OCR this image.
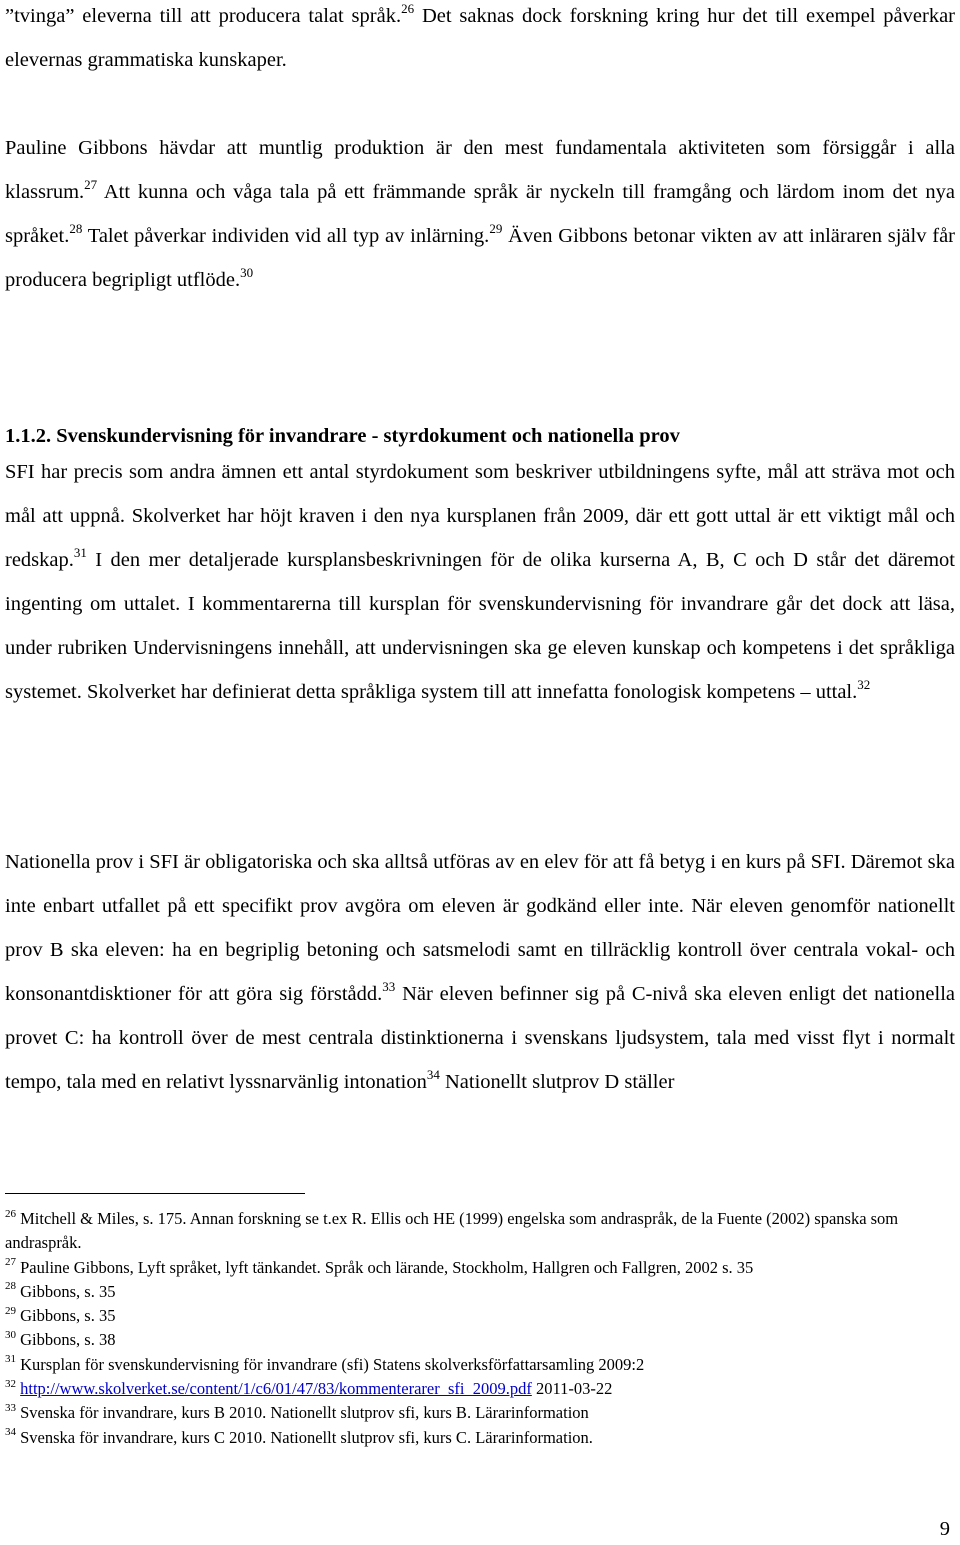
”tvinga” eleverna till att producera talat språk.$^{26}$ Det saknas dock forskning kring hur det till exempel påverkar elevernas grammatiska kunskaper.

Pauline Gibbons hävdar att muntlig produktion är den mest fundamentala aktiviteten som försiggår i alla klassrum.$^{27}$ Att kunna och våga tala på ett främmande språk är nyckeln till framgång och lärdom inom det nya språket.$^{28}$ Talet påverkar individen vid all typ av inlärning.$^{29}$ Även Gibbons betonar vikten av att inläraren själv får producera begripligt utflöde.$^{30}$

1.1.2. Svenskundervisning för invandrare - styrdokument och nationella prov

SFI har precis som andra ämnen ett antal styrdokument som beskriver utbildningens syfte, mål att sträva mot och mål att uppnå. Skolverket har höjt kraven i den nya kursplanen från 2009, där ett gott uttal är ett viktigt mål och redskap.$^{31}$ I den mer detaljerade kursplansbeskrivningen för de olika kurserna A, B, C och D står det däremot ingenting om uttalet. I kommentarerna till kursplan för svenskundervisning för invandrare går det dock att läsa, under rubriken Undervisningens innehåll, att undervisningen ska ge eleven kunskap och kompetens i det språkliga systemet. Skolverket har definierat detta språkliga system till att innefatta fonologisk kompetens – uttal.$^{32}$

Nationella prov i SFI är obligatoriska och ska alltså utföras av en elev för att få betyg i en kurs på SFI. Däremot ska inte enbart utfallet på ett specifikt prov avgöra om eleven är godkänd eller inte. När eleven genomför nationellt prov B ska eleven: ha en begriplig betoning och satsmelodi samt en tillräcklig kontroll över centrala vokal- och konsonantdisktioner för att göra sig förstådd.$^{33}$ När eleven befinner sig på C-nivå ska eleven enligt det nationella provet C: ha kontroll över de mest centrala distinktionerna i svenskans ljudsystem, tala med visst flyt i normalt tempo, tala med en relativt lyssnarvänlig intonation$^{34}$ Nationellt slutprov D ställer

$^{26}$ Mitchell & Miles, s. 175. Annan forskning se t.ex R. Ellis och HE (1999) engelska som andraspråk, de la Fuente (2002) spanska som andraspråk.

$^{27}$ Pauline Gibbons, Lyft språket, lyft tänkandet. Språk och lärande, Stockholm, Hallgren och Fallgren, 2002 s. 35

$^{28}$ Gibbons, s. 35

$^{29}$ Gibbons, s. 35

$^{30}$ Gibbons, s. 38

$^{31}$ Kursplan för svenskundervisning för invandrare (sfi) Statens skolverksförfattarsamling 2009:2

$^{32}$ http://www.skolverket.se/content/1/c6/01/47/83/kommenterarer_sfi_2009.pdf 2011-03-22

$^{33}$ Svenska för invandrare, kurs B 2010. Nationellt slutprov sfi, kurs B. Lärarinformation

$^{34}$ Svenska för invandrare, kurs C 2010. Nationellt slutprov sfi, kurs C. Lärarinformation.

9
